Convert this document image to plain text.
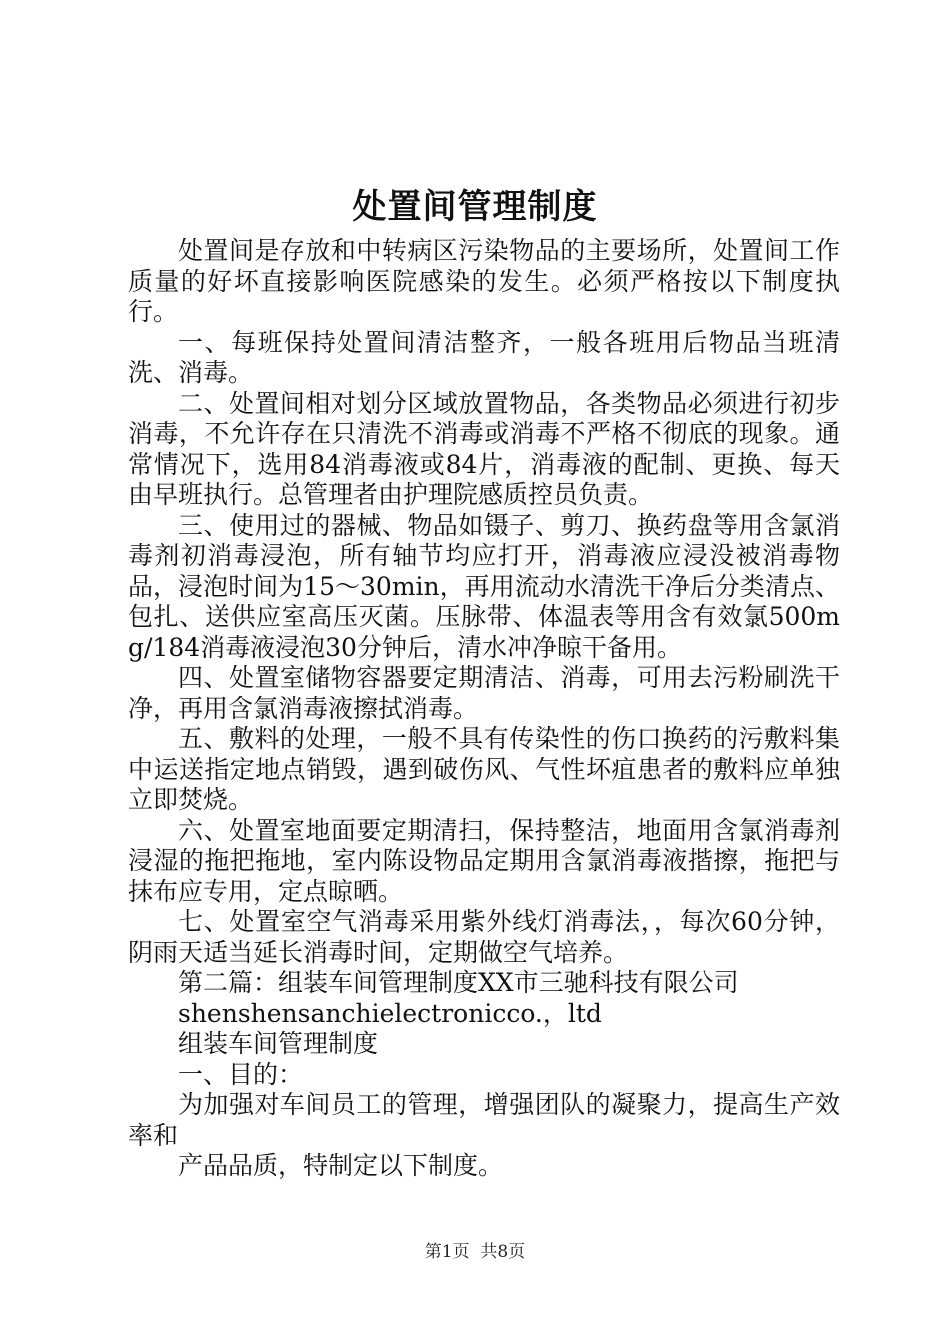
处置间管理制度

处置间是存放和中转病区污染物品的主要场所，处置间工作质量的好坏直接影响医院感染的发生。必须严格按以下制度执行。

一、每班保持处置间清洁整齐，一般各班用后物品当班清洗、消毒。

二、处置间相对划分区域放置物品，各类物品必须进行初步消毒，不允许存在只清洗不消毒或消毒不严格不彻底的现象。通常情况下，选用84消毒液或84片，消毒液的配制、更换、每天由早班执行。总管理者由护理院感质控员负责。

三、使用过的器械、物品如镊子、剪刀、换药盘等用含氯消毒剂初消毒浸泡，所有轴节均应打开，消毒液应浸没被消毒物品，浸泡时间为15～30min，再用流动水清洗干净后分类清点、包扎、送供应室高压灭菌。压脉带、体温表等用含有效氯500mg/184消毒液浸泡30分钟后，清水冲净晾干备用。

四、处置室储物容器要定期清洁、消毒，可用去污粉刷洗干净，再用含氯消毒液擦拭消毒。

五、敷料的处理，一般不具有传染性的伤口换药的污敷料集中运送指定地点销毁，遇到破伤风、气性坏疽患者的敷料应单独立即焚烧。

六、处置室地面要定期清扫，保持整洁，地面用含氯消毒剂浸湿的拖把拖地，室内陈设物品定期用含氯消毒液揩擦，拖把与抹布应专用，定点晾晒。

七、处置室空气消毒采用紫外线灯消毒法，，每次60分钟，阴雨天适当延长消毒时间，定期做空气培养。

第二篇：组装车间管理制度XX市三驰科技有限公司

shenshensanchielectronicco.，ltd

组装车间管理制度

一、目的：

为加强对车间员工的管理，增强团队的凝聚力，提高生产效率和

产品品质，特制定以下制度。

第1页  共8页
